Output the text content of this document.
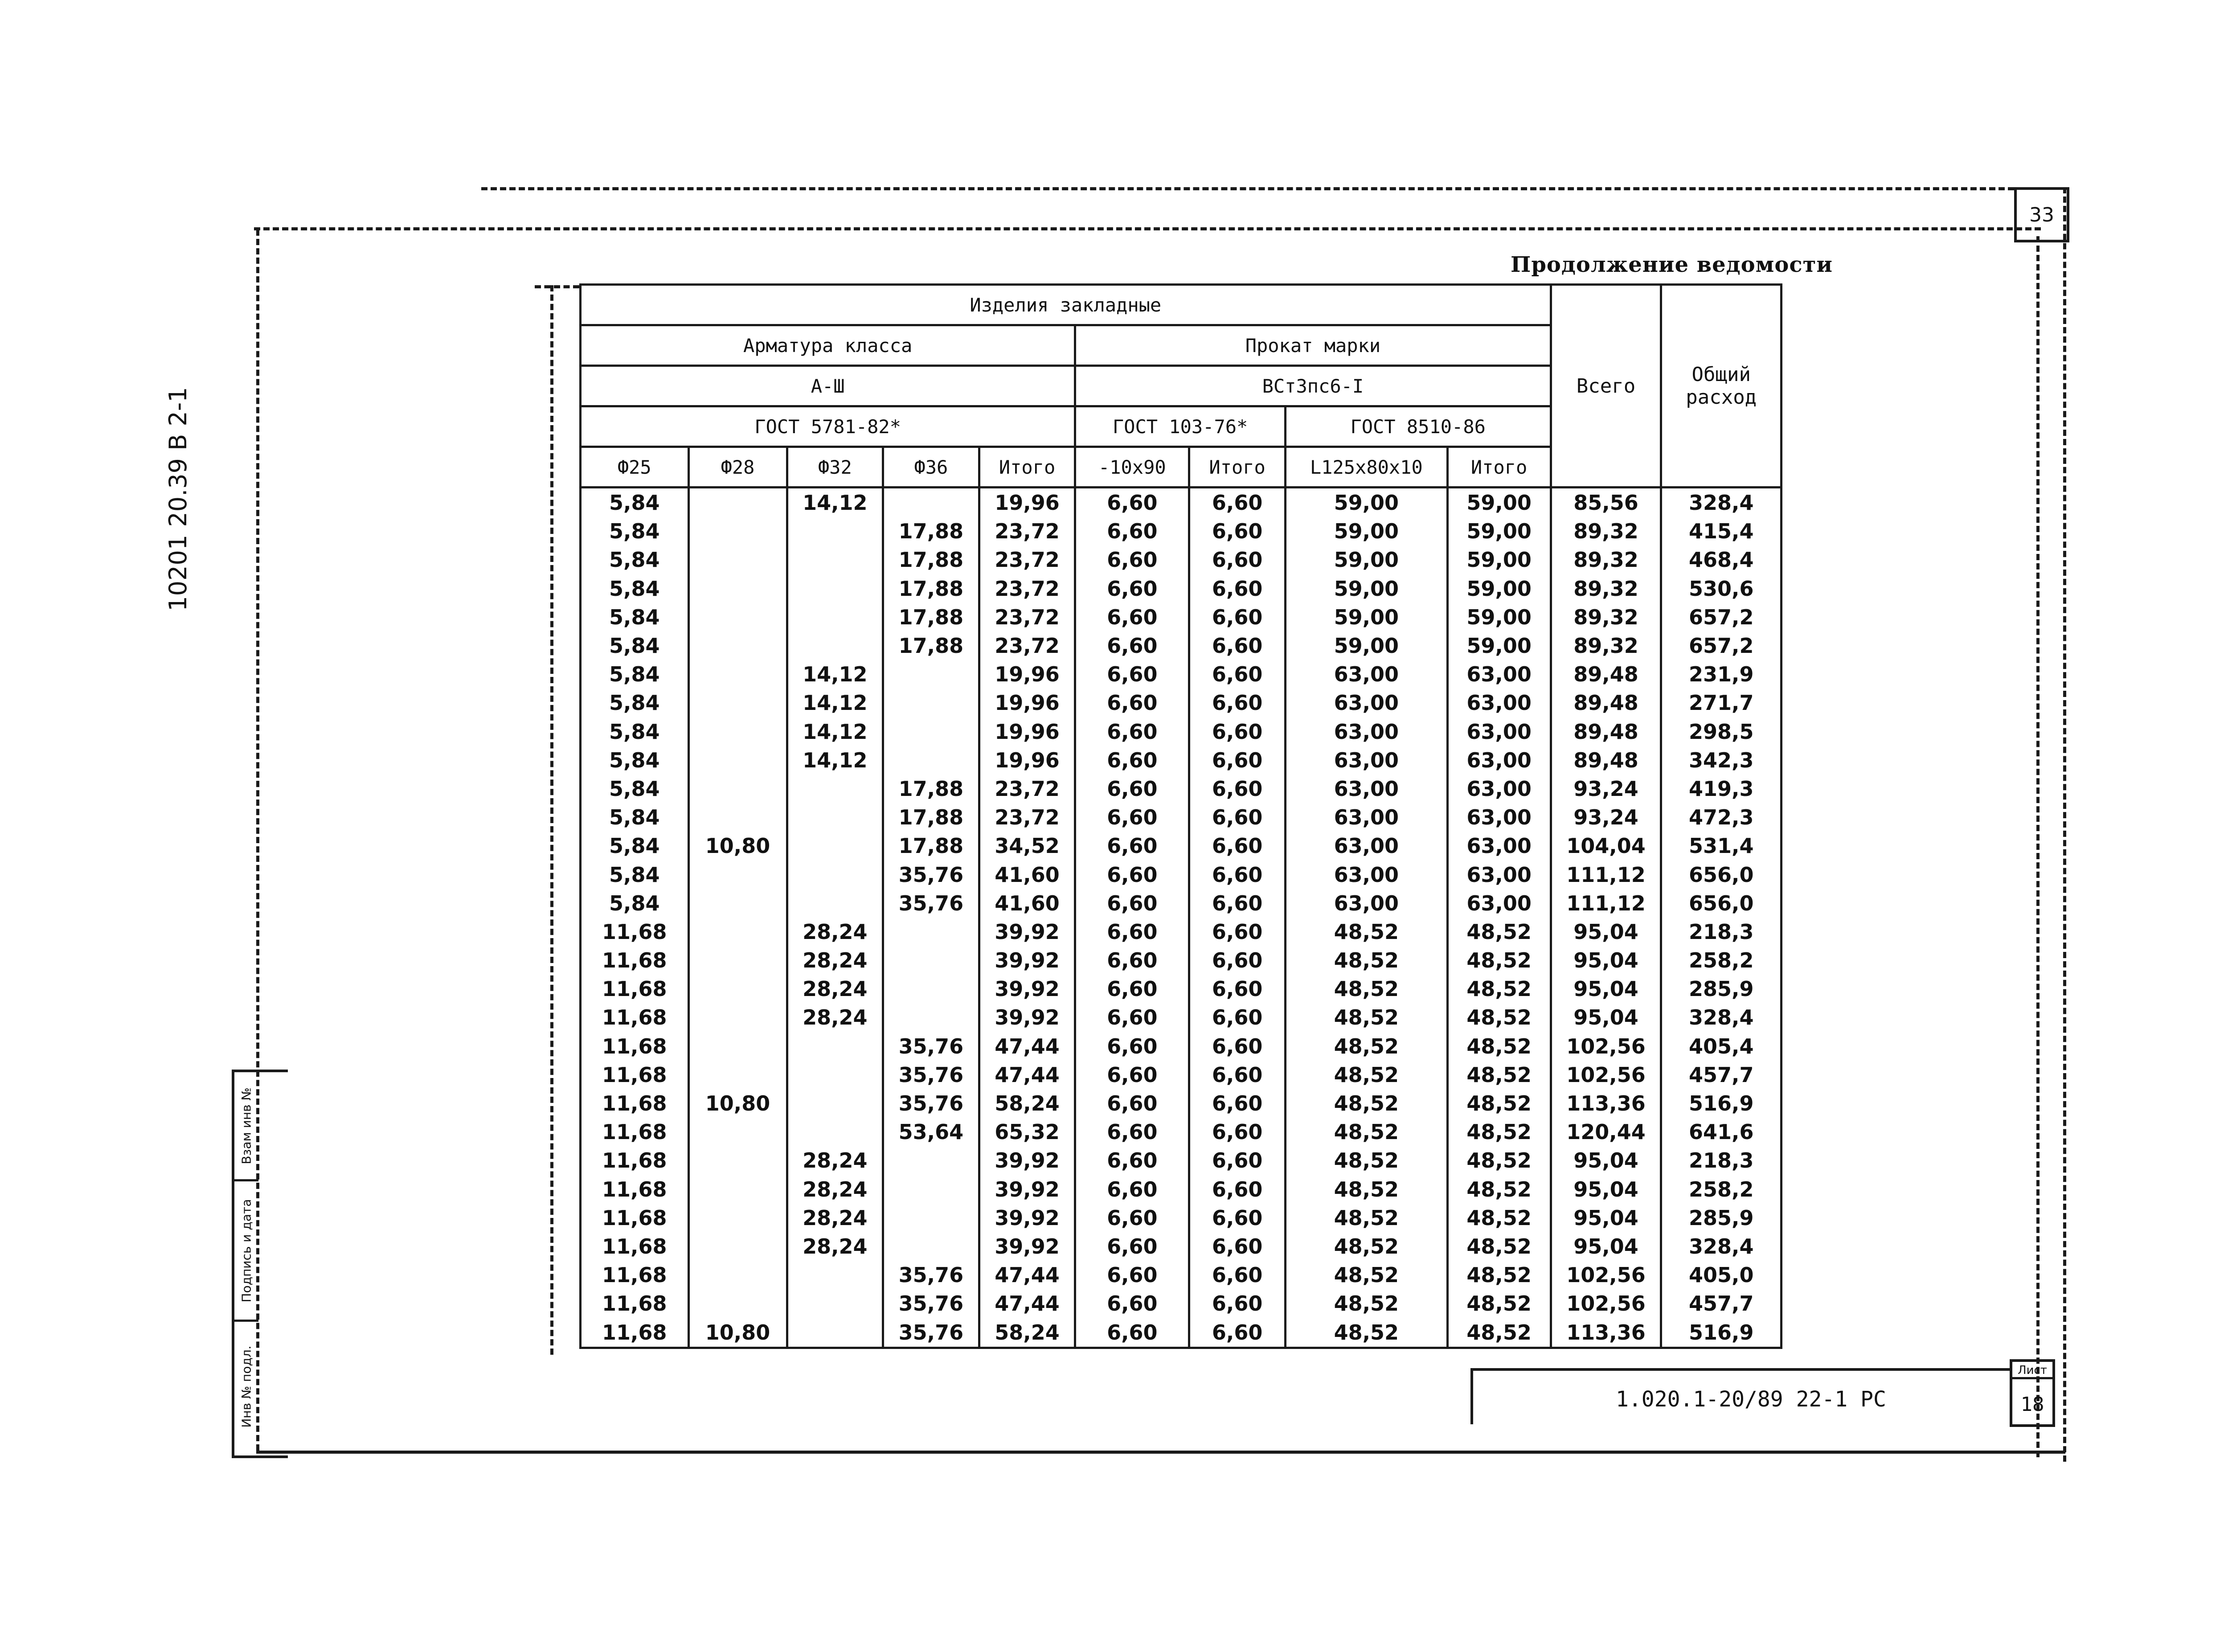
33
Продолжение ведомости
10201 20.39 В 2-1
Взам инв №
Подпись и дата
Инв № подл.
Изделия закладные									Всего	Общий расход
Арматура класса					Прокат марки					
А-Ш					ВСт3пс6-I					
ГОСТ 5781-82*					ГОСТ 103-76*		ГОСТ 8510-86			
Ф25	Ф28	Ф32	Ф36	Итого	-10x90	Итого	L125x80x10	Итого		
5,84		14,12		19,96	6,60	6,60	59,00	59,00	85,56	328,4
5,84			17,88	23,72	6,60	6,60	59,00	59,00	89,32	415,4
5,84			17,88	23,72	6,60	6,60	59,00	59,00	89,32	468,4
5,84			17,88	23,72	6,60	6,60	59,00	59,00	89,32	530,6
5,84			17,88	23,72	6,60	6,60	59,00	59,00	89,32	657,2
5,84			17,88	23,72	6,60	6,60	59,00	59,00	89,32	657,2
5,84		14,12		19,96	6,60	6,60	63,00	63,00	89,48	231,9
5,84		14,12		19,96	6,60	6,60	63,00	63,00	89,48	271,7
5,84		14,12		19,96	6,60	6,60	63,00	63,00	89,48	298,5
5,84		14,12		19,96	6,60	6,60	63,00	63,00	89,48	342,3
5,84			17,88	23,72	6,60	6,60	63,00	63,00	93,24	419,3
5,84			17,88	23,72	6,60	6,60	63,00	63,00	93,24	472,3
5,84	10,80		17,88	34,52	6,60	6,60	63,00	63,00	104,04	531,4
5,84			35,76	41,60	6,60	6,60	63,00	63,00	111,12	656,0
5,84			35,76	41,60	6,60	6,60	63,00	63,00	111,12	656,0
11,68		28,24		39,92	6,60	6,60	48,52	48,52	95,04	218,3
11,68		28,24		39,92	6,60	6,60	48,52	48,52	95,04	258,2
11,68		28,24		39,92	6,60	6,60	48,52	48,52	95,04	285,9
11,68		28,24		39,92	6,60	6,60	48,52	48,52	95,04	328,4
11,68			35,76	47,44	6,60	6,60	48,52	48,52	102,56	405,4
11,68			35,76	47,44	6,60	6,60	48,52	48,52	102,56	457,7
11,68	10,80		35,76	58,24	6,60	6,60	48,52	48,52	113,36	516,9
11,68			53,64	65,32	6,60	6,60	48,52	48,52	120,44	641,6
11,68		28,24		39,92	6,60	6,60	48,52	48,52	95,04	218,3
11,68		28,24		39,92	6,60	6,60	48,52	48,52	95,04	258,2
11,68		28,24		39,92	6,60	6,60	48,52	48,52	95,04	285,9
11,68		28,24		39,92	6,60	6,60	48,52	48,52	95,04	328,4
11,68			35,76	47,44	6,60	6,60	48,52	48,52	102,56	405,0
11,68			35,76	47,44	6,60	6,60	48,52	48,52	102,56	457,7
11,68	10,80		35,76	58,24	6,60	6,60	48,52	48,52	113,36	516,9
1.020.1-20/89 22-1 РС
Лист
18
